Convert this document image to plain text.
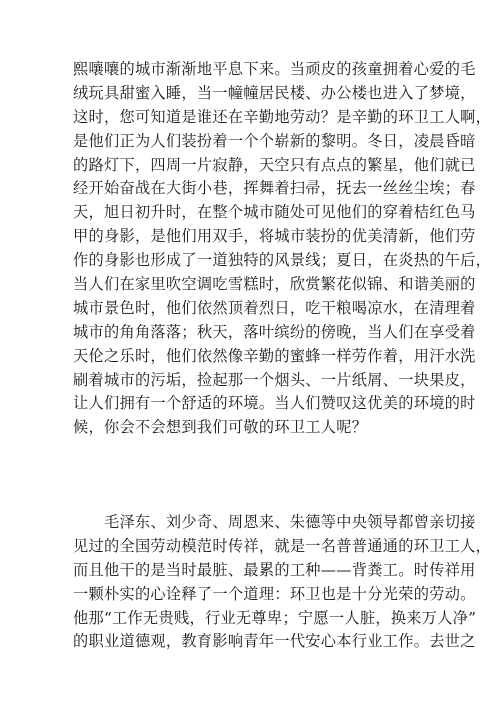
熙嚷嚷的城市渐渐地平息下来。当顽皮的孩童拥着心爱的毛
绒玩具甜蜜入睡，当一幢幢居民楼、办公楼也进入了梦境，
这时，您可知道是谁还在辛勤地劳动？是辛勤的环卫工人啊，
是他们正为人们装扮着一个个崭新的黎明。冬日，凌晨昏暗
的路灯下，四周一片寂静，天空只有点点的繁星，他们就已
经开始奋战在大街小巷，挥舞着扫帚，抚去一丝丝尘埃；春
天，旭日初升时，在整个城市随处可见他们的穿着桔红色马
甲的身影，是他们用双手，将城市装扮的优美清新，他们劳
作的身影也形成了一道独特的风景线；夏日，在炎热的午后，
当人们在家里吹空调吃雪糕时，欣赏繁花似锦、和谐美丽的
城市景色时，他们依然顶着烈日，吃干粮喝凉水，在清理着
城市的角角落落；秋天，落叶缤纷的傍晚，当人们在享受着
天伦之乐时，他们依然像辛勤的蜜蜂一样劳作着，用汗水洗
刷着城市的污垢，捡起那一个烟头、一片纸屑、一块果皮，
让人们拥有一个舒适的环境。当人们赞叹这优美的环境的时
候，你会不会想到我们可敬的环卫工人呢？
　　毛泽东、刘少奇、周恩来、朱德等中央领导都曾亲切接
见过的全国劳动模范时传祥，就是一名普普通通的环卫工人，
而且他干的是当时最脏、最累的工种——背粪工。时传祥用
一颗朴实的心诠释了一个道理：环卫也是十分光荣的劳动。
他那“工作无贵贱，行业无尊卑；宁愿一人脏，换来万人净”
的职业道德观，教育影响青年一代安心本行业工作。去世之
